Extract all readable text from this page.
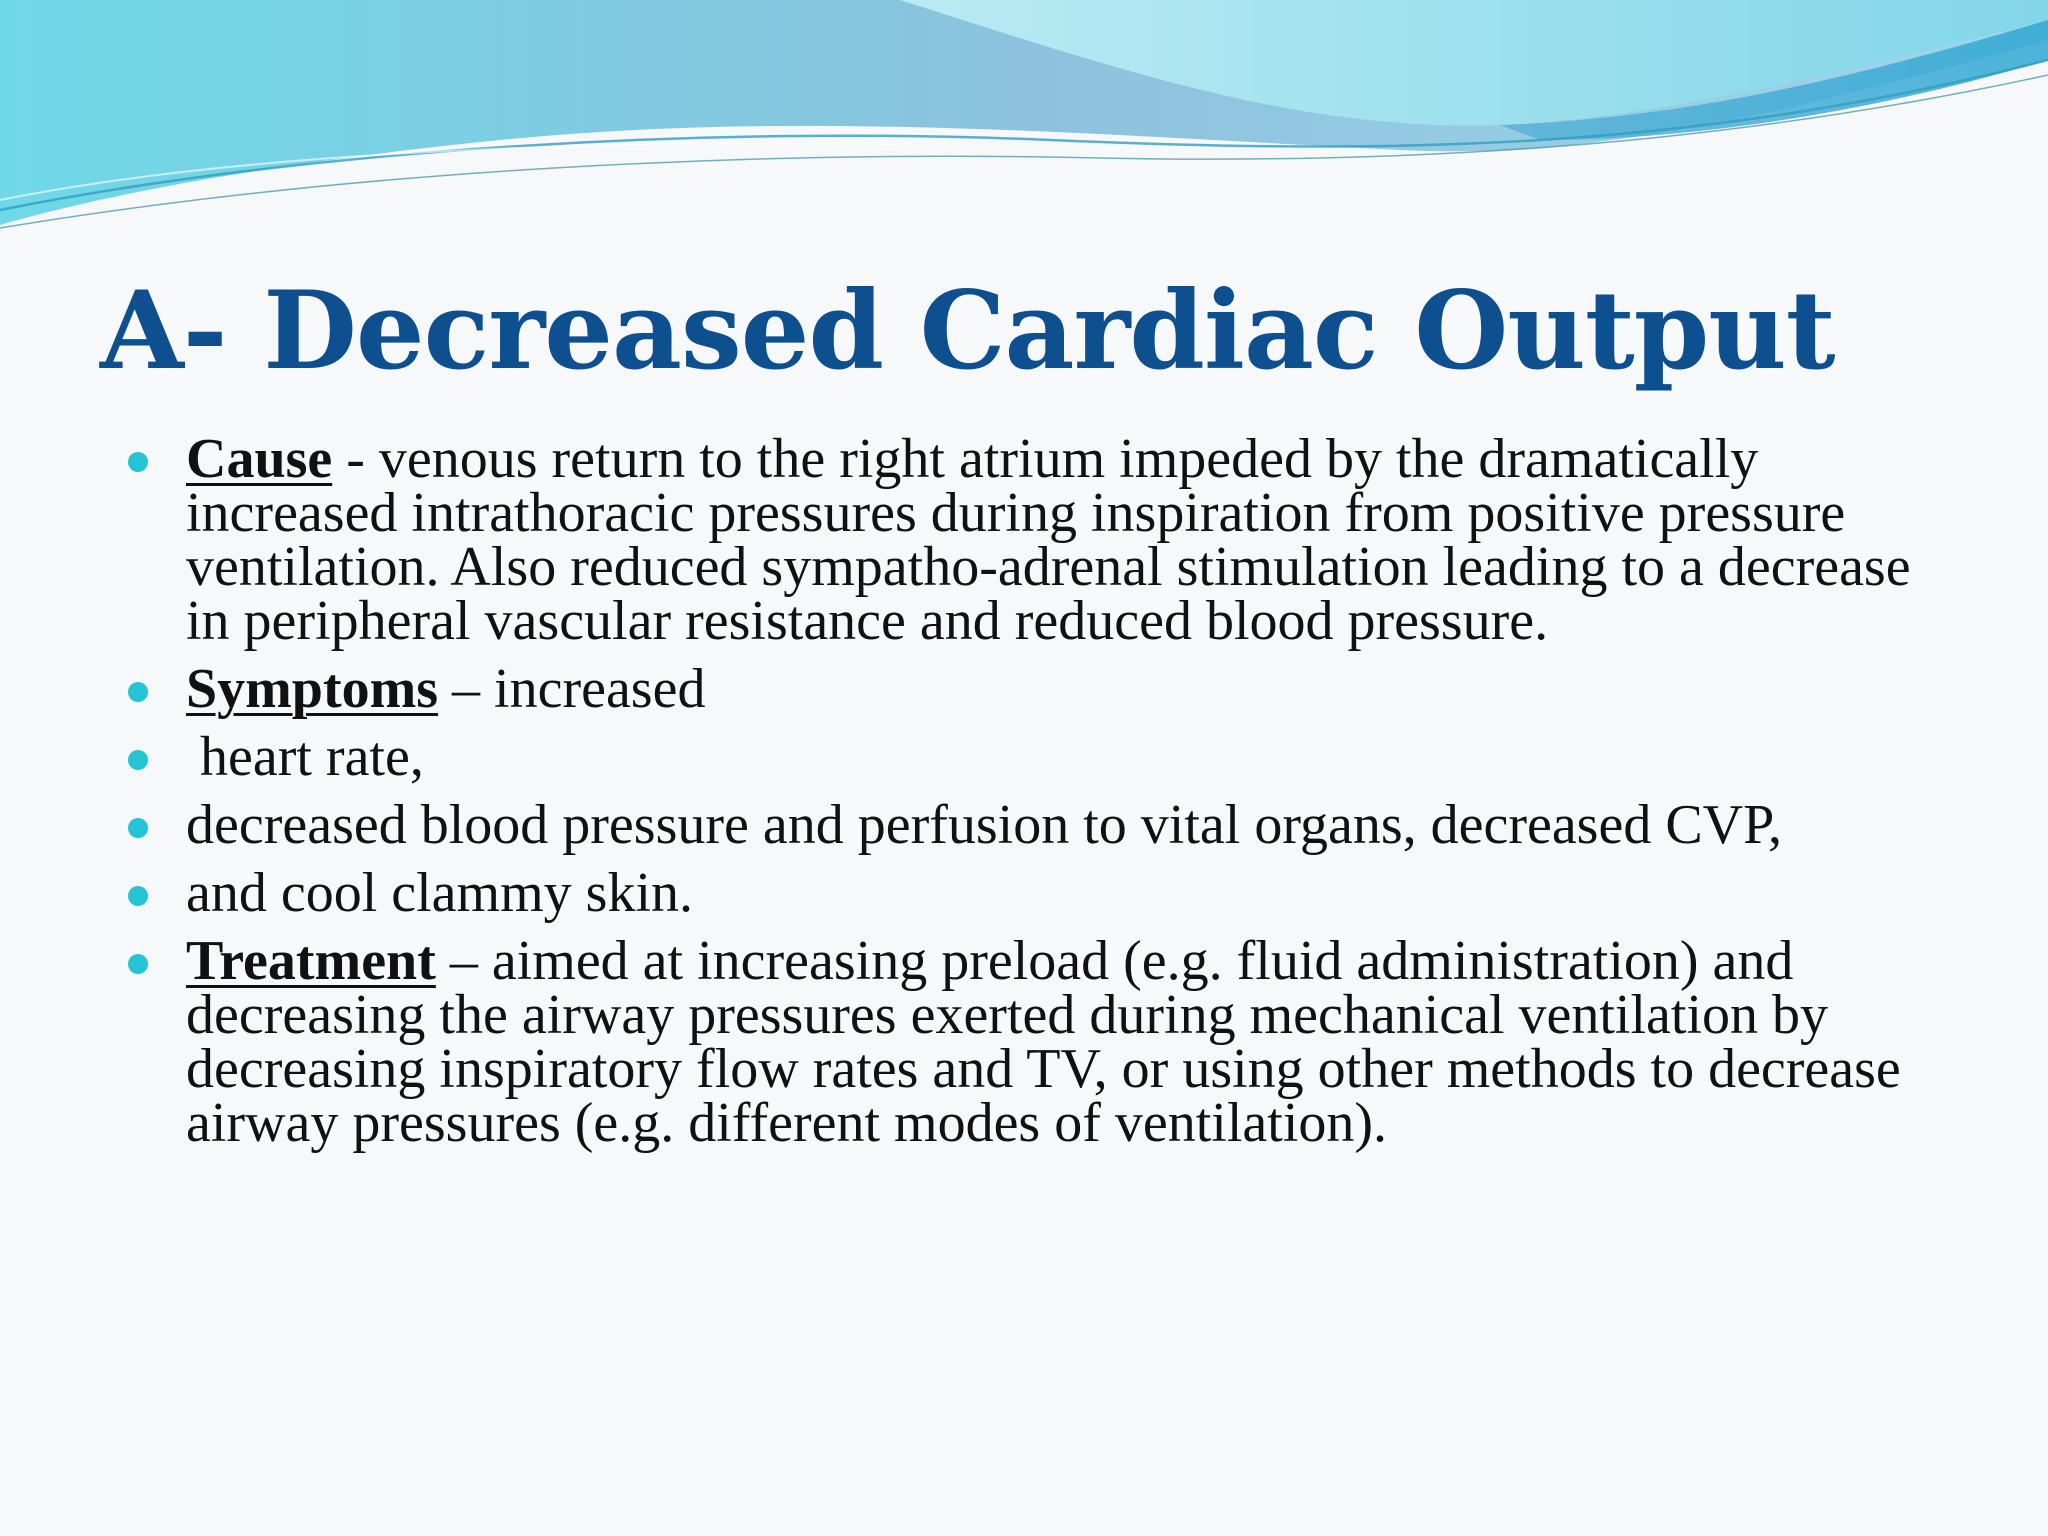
A- Decreased Cardiac Output
Cause - venous return to the right atrium impeded by the dramatically increased intrathoracic pressures during inspiration from positive pressure ventilation. Also reduced sympatho-adrenal stimulation leading to a decrease in peripheral vascular resistance and reduced blood pressure.
Symptoms – increased
heart rate,
decreased blood pressure and perfusion to vital organs, decreased CVP,
and cool clammy skin.
Treatment – aimed at increasing preload (e.g. fluid administration) and decreasing the airway pressures exerted during mechanical ventilation by decreasing inspiratory flow rates and TV, or using other methods to decrease airway pressures (e.g. different modes of ventilation).
